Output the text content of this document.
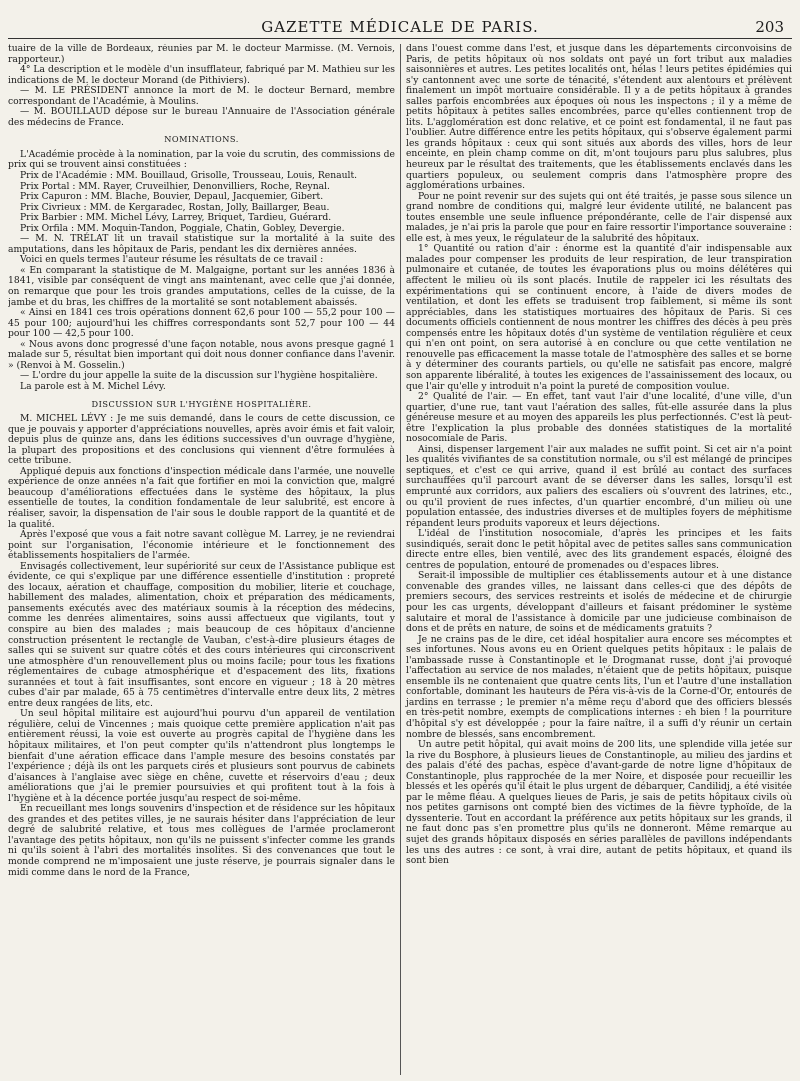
GAZETTE MÉDICALE DE PARIS.	203

tuaire de la ville de Bordeaux, réunies par M. le docteur Marmisse. (M. Vernois, rapporteur.)

4° La description et le modèle d'un insufflateur, fabriqué par M. Mathieu sur les indications de M. le docteur Morand (de Pithiviers).

— M. LE PRÉSIDENT annonce la mort de M. le docteur Bernard, membre correspondant de l'Académie, à Moulins.

— M. BOUILLAUD dépose sur le bureau l'Annuaire de l'Association générale des médecins de France.

NOMINATIONS.

L'Académie procède à la nomination, par la voie du scrutin, des commissions de prix qui se trouvent ainsi constituées :

Prix de l'Académie : MM. Bouillaud, Grisolle, Trousseau, Louis, Renault.

Prix Portal : MM. Rayer, Cruveilhier, Denonvilliers, Roche, Reynal.

Prix Capuron : MM. Blache, Bouvier, Depaul, Jacquemier, Gibert.

Prix Civrieux : MM. de Kergaradec, Rostan, Jolly, Baillarger, Beau.

Prix Barbier : MM. Michel Lévy, Larrey, Briquet, Tardieu, Guérard.

Prix Orfila : MM. Moquin-Tandon, Poggiale, Chatin, Gobley, Devergie.

— M. N. TRÉLAT lit un travail statistique sur la mortalité à la suite des amputations, dans les hôpitaux de Paris, pendant les dix dernières années.

Voici en quels termes l'auteur résume les résultats de ce travail :

« En comparant la statistique de M. Malgaigne, portant sur les années 1836 à 1841, visible par conséquent de vingt ans maintenant, avec celle que j'ai donnée, on remarque que pour les trois grandes amputations, celles de la cuisse, de la jambe et du bras, les chiffres de la mortalité se sont notablement abaissés.

« Ainsi en 1841 ces trois opérations donnent 62,6 pour 100 — 55,2 pour 100 — 45 pour 100; aujourd'hui les chiffres correspondants sont 52,7 pour 100 — 44 pour 100 — 42,5 pour 100.

« Nous avons donc progressé d'une façon notable, nous avons presque gagné 1 malade sur 5, résultat bien important qui doit nous donner confiance dans l'avenir. » (Renvoi à M. Gosselin.)

— L'ordre du jour appelle la suite de la discussion sur l'hygiène hospitalière.

La parole est à M. Michel Lévy.

DISCUSSION SUR L'HYGIÈNE HOSPITALIÈRE.

M. MICHEL LÉVY : Je me suis demandé, dans le cours de cette discussion, ce que je pouvais y apporter d'appréciations nouvelles, après avoir émis et fait valoir, depuis plus de quinze ans, dans les éditions successives d'un ouvrage d'hygiène, la plupart des propositions et des conclusions qui viennent d'être formulées à cette tribune.

Appliqué depuis aux fonctions d'inspection médicale dans l'armée, une nouvelle expérience de onze années n'a fait que fortifier en moi la conviction que, malgré beaucoup d'améliorations effectuées dans le système des hôpitaux, la plus essentielle de toutes, la condition fondamentale de leur salubrité, est encore à réaliser, savoir, la dispensation de l'air sous le double rapport de la quantité et de la qualité.

Après l'exposé que vous a fait notre savant collègue M. Larrey, je ne reviendrai point sur l'organisation, l'économie intérieure et le fonctionnement des établissements hospitaliers de l'armée.

Envisagés collectivement, leur supériorité sur ceux de l'Assistance publique est évidente, ce qui s'explique par une différence essentielle d'institution : propreté des locaux, aération et chauffage, composition du mobilier, literie et couchage, habillement des malades, alimentation, choix et préparation des médicaments, pansements exécutés avec des matériaux soumis à la réception des médecins, comme les denrées alimentaires, soins aussi affectueux que vigilants, tout y conspire au bien des malades ; mais beaucoup de ces hôpitaux d'ancienne construction présentent le rectangle de Vauban, c'est-à-dire plusieurs étages de salles qui se suivent sur quatre côtés et des cours intérieures qui circonscrivent une atmosphère d'un renouvellement plus ou moins facile; pour tous les fixations réglementaires de cubage atmosphérique et d'espacement des lits, fixations surannées et tout à fait insuffisantes, sont encore en vigueur ; 18 à 20 mètres cubes d'air par malade, 65 à 75 centimètres d'intervalle entre deux lits, 2 mètres entre deux rangées de lits, etc.

Un seul hôpital militaire est aujourd'hui pourvu d'un appareil de ventilation régulière, celui de Vincennes ; mais quoique cette première application n'ait pas entièrement réussi, la voie est ouverte au progrès capital de l'hygiène dans les hôpitaux militaires, et l'on peut compter qu'ils n'attendront plus longtemps le bienfait d'une aération efficace dans l'ample mesure des besoins constatés par l'expérience ; déjà ils ont les parquets cirés et plusieurs sont pourvus de cabinets d'aisances à l'anglaise avec siège en chêne, cuvette et réservoirs d'eau ; deux améliorations que j'ai le premier poursuivies et qui profitent tout à la fois à l'hygiène et à la décence portée jusqu'au respect de soi-même.

En recueillant mes longs souvenirs d'inspection et de résidence sur les hôpitaux des grandes et des petites villes, je ne saurais hésiter dans l'appréciation de leur degré de salubrité relative, et tous mes collègues de l'armée proclameront l'avantage des petits hôpitaux, non qu'ils ne puissent s'infecter comme les grands ni qu'ils soient à l'abri des mortalités insolites. Si des convenances que tout le monde comprend ne m'imposaient une juste réserve, je pourrais signaler dans le midi comme dans le nord de la France,

dans l'ouest comme dans l'est, et jusque dans les départements circonvoisins de Paris, de petits hôpitaux où nos soldats ont payé un fort tribut aux maladies saisonnières et autres. Les petites localités ont, hélas ! leurs petites épidémies qui s'y cantonnent avec une sorte de ténacité, s'étendent aux alentours et prélèvent finalement un impôt mortuaire considérable. Il y a de petits hôpitaux à grandes salles parfois encombrées aux époques où nous les inspectons ; il y a même de petits hôpitaux à petites salles encombrées, parce qu'elles contiennent trop de lits. L'agglomération est donc relative, et ce point est fondamental, il ne faut pas l'oublier. Autre différence entre les petits hôpitaux, qui s'observe également parmi les grands hôpitaux : ceux qui sont situés aux abords des villes, hors de leur enceinte, en plein champ comme on dit, m'ont toujours paru plus salubres, plus heureux par le résultat des traitements, que les établissements enclavés dans les quartiers populeux, ou seulement compris dans l'atmosphère propre des agglomérations urbaines.

Pour ne point revenir sur des sujets qui ont été traités, je passe sous silence un grand nombre de conditions qui, malgré leur évidente utilité, ne balancent pas toutes ensemble une seule influence prépondérante, celle de l'air dispensé aux malades, je n'ai pris la parole que pour en faire ressortir l'importance souveraine : elle est, à mes yeux, le régulateur de la salubrité des hôpitaux.

1° Quantité ou ration d'air : énorme est la quantité d'air indispensable aux malades pour compenser les produits de leur respiration, de leur transpiration pulmonaire et cutanée, de toutes les évaporations plus ou moins délétères qui affectent le milieu où ils sont placés. Inutile de rappeler ici les résultats des expérimentations qui se continuent encore, à l'aide de divers modes de ventilation, et dont les effets se traduisent trop faiblement, si même ils sont appréciables, dans les statistiques mortuaires des hôpitaux de Paris. Si ces documents officiels contiennent de nous montrer les chiffres des décès à peu près compensés entre les hôpitaux dotés d'un système de ventilation régulière et ceux qui n'en ont point, on sera autorisé à en conclure ou que cette ventilation ne renouvelle pas efficacement la masse totale de l'atmosphère des salles et se borne à y déterminer des courants partiels, ou qu'elle ne satisfait pas encore, malgré son apparente libéralité, à toutes les exigences de l'assainissement des locaux, ou que l'air qu'elle y introduit n'a point la pureté de composition voulue.

2° Qualité de l'air. — En effet, tant vaut l'air d'une localité, d'une ville, d'un quartier, d'une rue, tant vaut l'aération des salles, fût-elle assurée dans la plus généreuse mesure et au moyen des appareils les plus perfectionnés. C'est là peut-être l'explication la plus probable des données statistiques de la mortalité nosocomiale de Paris.

Ainsi, dispenser largement l'air aux malades ne suffit point. Si cet air n'a point les qualités vivifiantes de sa constitution normale, ou s'il est mélangé de principes septiques, et c'est ce qui arrive, quand il est brûlé au contact des surfaces surchauffées qu'il parcourt avant de se déverser dans les salles, lorsqu'il est emprunté aux corridors, aux paliers des escaliers où s'ouvrent des latrines, etc., ou qu'il provient de rues infectes, d'un quartier encombré, d'un milieu où une population entassée, des industries diverses et de multiples foyers de méphitisme répandent leurs produits vaporeux et leurs déjections.

L'idéal de l'institution nosocomiale, d'après les principes et les faits susindiqués, serait donc le petit hôpital avec de petites salles sans communication directe entre elles, bien ventilé, avec des lits grandement espacés, éloigné des centres de population, entouré de promenades ou d'espaces libres.

Serait-il impossible de multiplier ces établissements autour et à une distance convenable des grandes villes, ne laissant dans celles-ci que des dépôts de premiers secours, des services restreints et isolés de médecine et de chirurgie pour les cas urgents, développant d'ailleurs et faisant prédominer le système salutaire et moral de l'assistance à domicile par une judicieuse combinaison de dons et de prêts en nature, de soins et de médicaments gratuits ?

Je ne crains pas de le dire, cet idéal hospitalier aura encore ses mécomptes et ses infortunes. Nous avons eu en Orient quelques petits hôpitaux : le palais de l'ambassade russe à Constantinople et le Drogmanat russe, dont j'ai provoqué l'affectation au service de nos malades, n'étaient que de petits hôpitaux, puisque ensemble ils ne contenaient que quatre cents lits, l'un et l'autre d'une installation confortable, dominant les hauteurs de Péra vis-à-vis de la Corne-d'Or, entourés de jardins en terrasse ; le premier n'a même reçu d'abord que des officiers blessés en très-petit nombre, exempts de complications internes : eh bien ! la pourriture d'hôpital s'y est développée ; pour la faire naître, il a suffi d'y réunir un certain nombre de blessés, sans encombrement.

Un autre petit hôpital, qui avait moins de 200 lits, une splendide villa jetée sur la rive du Bosphore, à plusieurs lieues de Constantinople, au milieu des jardins et des palais d'été des pachas, espèce d'avant-garde de notre ligne d'hôpitaux de Constantinople, plus rapprochée de la mer Noire, et disposée pour recueillir les blessés et les opérés qu'il était le plus urgent de débarquer, Candilidj, a été visitée par le même fléau. A quelques lieues de Paris, je sais de petits hôpitaux civils où nos petites garnisons ont compté bien des victimes de la fièvre typhoïde, de la dyssenterie. Tout en accordant la préférence aux petits hôpitaux sur les grands, il ne faut donc pas s'en promettre plus qu'ils ne donneront. Même remarque au sujet des grands hôpitaux disposés en séries parallèles de pavillons indépendants les uns des autres : ce sont, à vrai dire, autant de petits hôpitaux, et quand ils sont bien
